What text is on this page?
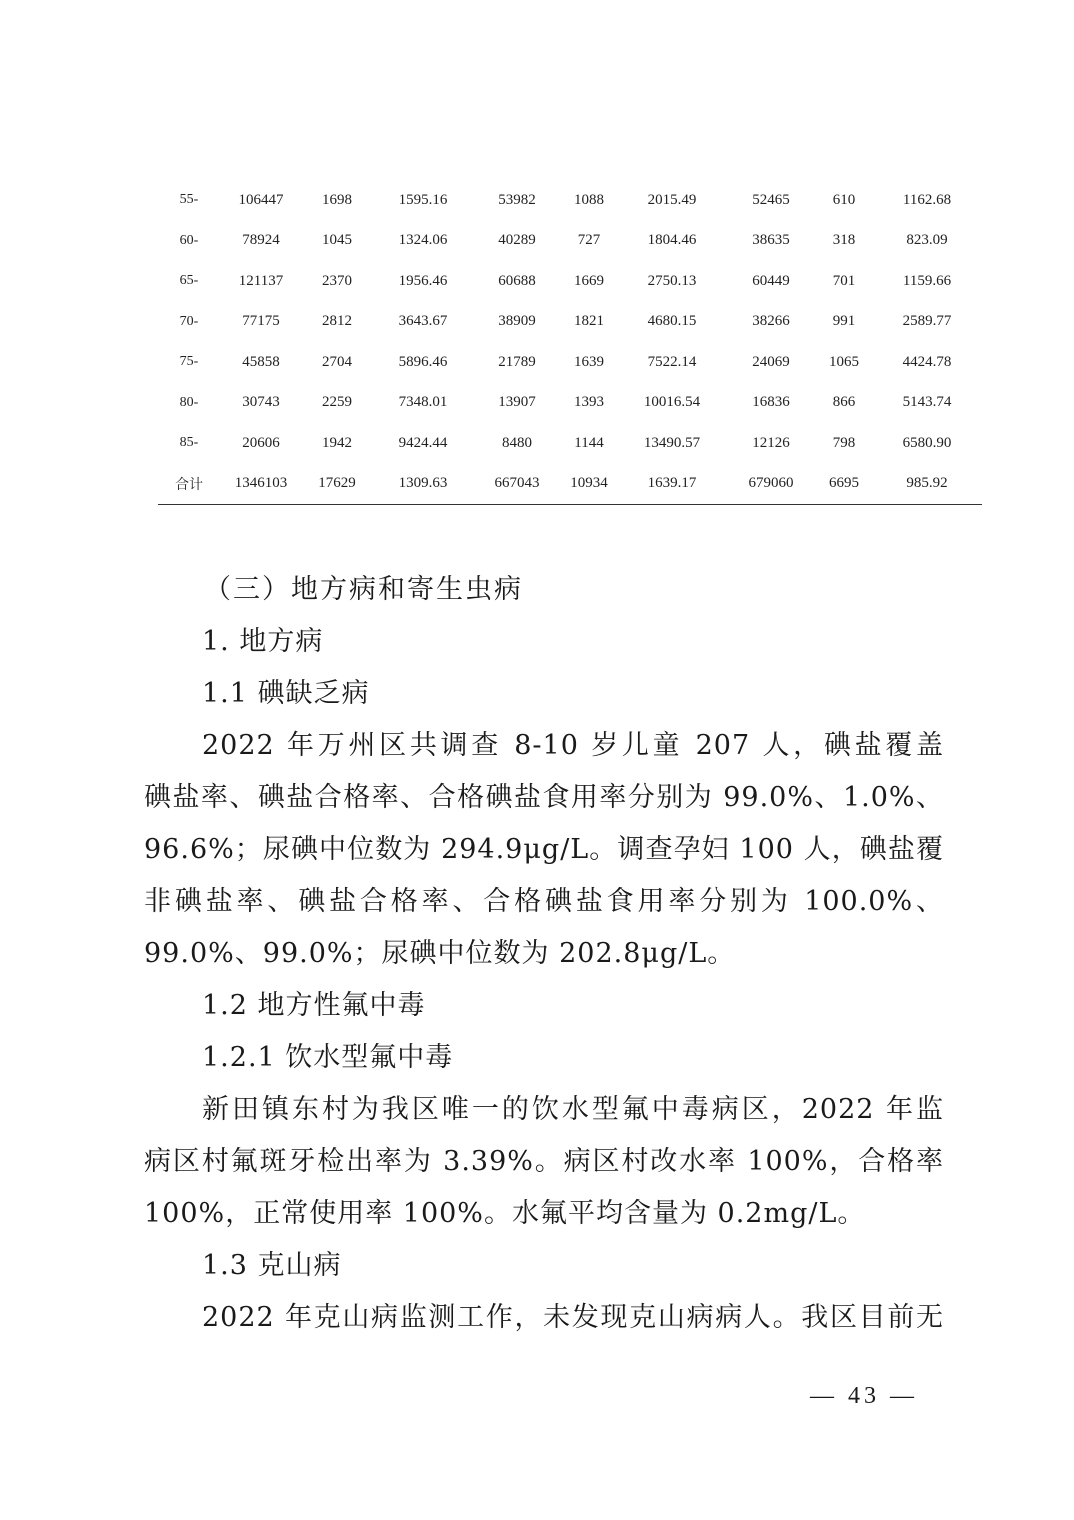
55-	106447	1698	1595.16	53982	1088	2015.49	52465	610	1162.68
60-	78924	1045	1324.06	40289	727	1804.46	38635	318	823.09
65-	121137	2370	1956.46	60688	1669	2750.13	60449	701	1159.66
70-	77175	2812	3643.67	38909	1821	4680.15	38266	991	2589.77
75-	45858	2704	5896.46	21789	1639	7522.14	24069	1065	4424.78
80-	30743	2259	7348.01	13907	1393	10016.54	16836	866	5143.74
85-	20606	1942	9424.44	8480	1144	13490.57	12126	798	6580.90
合计	1346103	17629	1309.63	667043	10934	1639.17	679060	6695	985.92
（三）地方病和寄生虫病
1. 地方病
1.1 碘缺乏病
2022 年万州区共调查 8-10 岁儿童 207 人，碘盐覆盖
碘盐率、碘盐合格率、合格碘盐食用率分别为 99.0%、1.0%、
96.6%；尿碘中位数为 294.9μg/L。调查孕妇 100 人，碘盐覆
非碘盐率、碘盐合格率、合格碘盐食用率分别为 100.0%、
99.0%、99.0%；尿碘中位数为 202.8μg/L。
1.2 地方性氟中毒
1.2.1 饮水型氟中毒
新田镇东村为我区唯一的饮水型氟中毒病区，2022 年监
病区村氟斑牙检出率为 3.39%。病区村改水率 100%，合格率
100%，正常使用率 100%。水氟平均含量为 0.2mg/L。
1.3 克山病
2022 年克山病监测工作，未发现克山病病人。我区目前无
— 43 —
